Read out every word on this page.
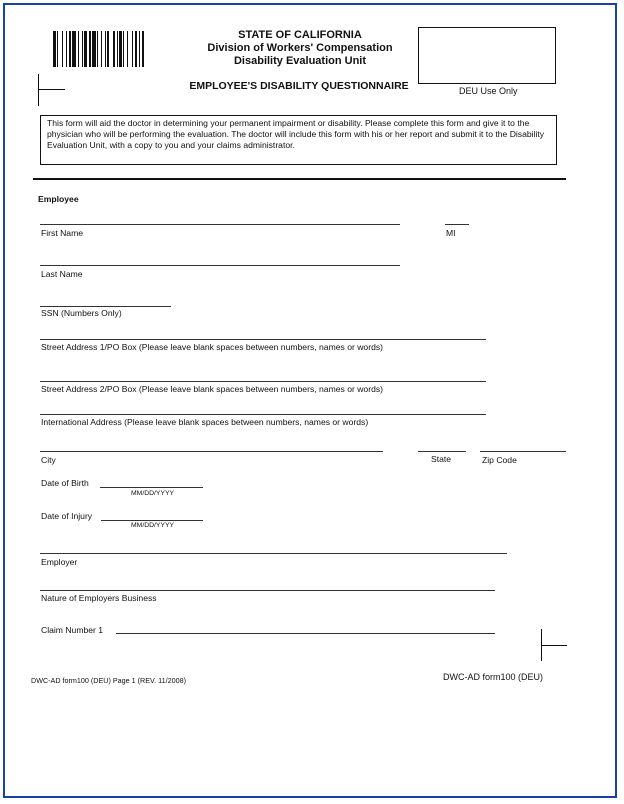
STATE OF CALIFORNIA
Division of Workers' Compensation
Disability Evaluation Unit
EMPLOYEE'S DISABILITY QUESTIONNAIRE	DEU Use Only
This form will aid the doctor in determining your permanent impairment or disability. Please complete this form and give it to the physician who will be performing the evaluation. The doctor will include this form with his or her report and submit it to the Disability Evaluation Unit, with a copy to you and your claims administrator.
Employee
First Name	MI
Last Name
SSN (Numbers Only)
Street Address 1/PO Box (Please leave blank spaces between numbers, names or words)
Street Address 2/PO Box (Please leave blank spaces between numbers, names or words)
International Address (Please leave blank spaces between numbers, names or words)
City	State	Zip Code
Date of Birth
MM/DD/YYYY
Date of Injury
MM/DD/YYYY
Employer
Nature of Employers Business
Claim Number 1
DWC-AD form100 (DEU) Page 1 (REV. 11/2008)	DWC-AD form100 (DEU)
